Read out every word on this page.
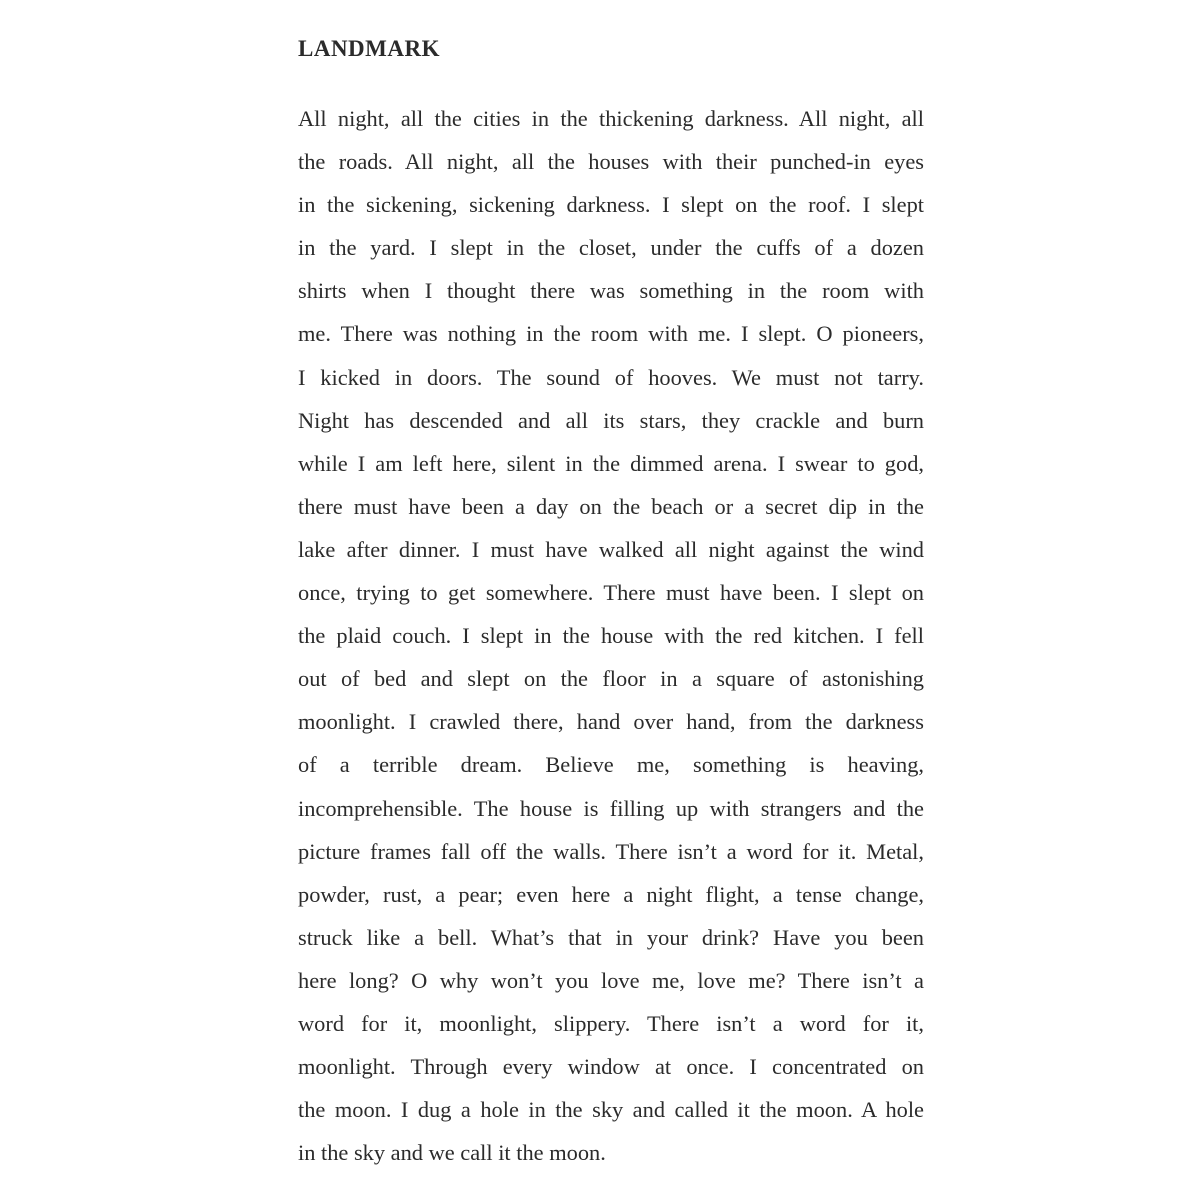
LANDMARK
All night, all the cities in the thickening darkness. All night, all
the roads. All night, all the houses with their punched-in eyes
in the sickening, sickening darkness. I slept on the roof. I slept
in the yard. I slept in the closet, under the cuffs of a dozen
shirts when I thought there was something in the room with
me. There was nothing in the room with me. I slept. O pioneers,
I kicked in doors. The sound of hooves. We must not tarry.
Night has descended and all its stars, they crackle and burn
while I am left here, silent in the dimmed arena. I swear to god,
there must have been a day on the beach or a secret dip in the
lake after dinner. I must have walked all night against the wind
once, trying to get somewhere. There must have been. I slept on
the plaid couch. I slept in the house with the red kitchen. I fell
out of bed and slept on the floor in a square of astonishing
moonlight. I crawled there, hand over hand, from the darkness
of a terrible dream. Believe me, something is heaving,
incomprehensible. The house is filling up with strangers and the
picture frames fall off the walls. There isn’t a word for it. Metal,
powder, rust, a pear; even here a night flight, a tense change,
struck like a bell. What’s that in your drink? Have you been
here long? O why won’t you love me, love me? There isn’t a
word for it, moonlight, slippery. There isn’t a word for it,
moonlight. Through every window at once. I concentrated on
the moon. I dug a hole in the sky and called it the moon. A hole
in the sky and we call it the moon.
